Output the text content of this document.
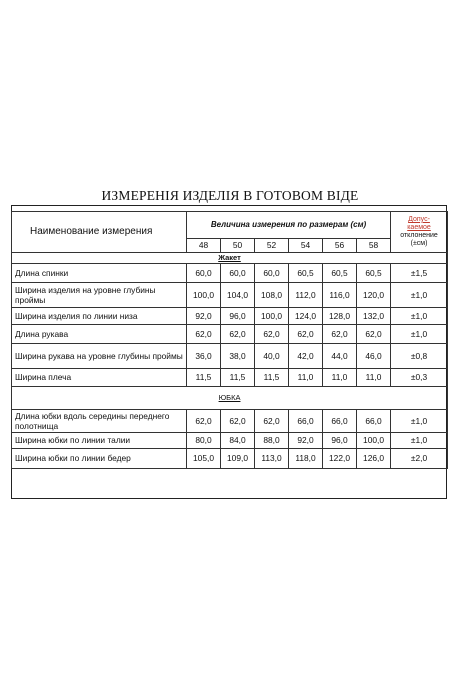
ИЗМЕРЕНIЯ ИЗДЕЛIЯ В ГОТОВОМ ВIДЕ
Наименование измерения	Величина измерения по размерам (см)						Допус-
каемое
отклонение
(±см)
	48	50	52	54	56	58	
Жакет							
Длина спинки	60,0	60,0	60,0	60,5	60,5	60,5	±1,5
Ширина изделия на уровне глубины проймы	100,0	104,0	108,0	112,0	116,0	120,0	±1,0
Ширина изделия по линии низа	92,0	96,0	100,0	124,0	128,0	132,0	±1,0
Длина рукава	62,0	62,0	62,0	62,0	62,0	62,0	±1,0
Ширина рукава на уровне глубины проймы	36,0	38,0	40,0	42,0	44,0	46,0	±0,8
Ширина плеча	11,5	11,5	11,5	11,0	11,0	11,0	±0,3
ЮБКА							
Длина юбки вдоль середины переднего полотнища	62,0	62,0	62,0	66,0	66,0	66,0	±1,0
Ширина юбки по линии талии	80,0	84,0	88,0	92,0	96,0	100,0	±1,0
Ширина юбки по линии бедер	105,0	109,0	113,0	118,0	122,0	126,0	±2,0
